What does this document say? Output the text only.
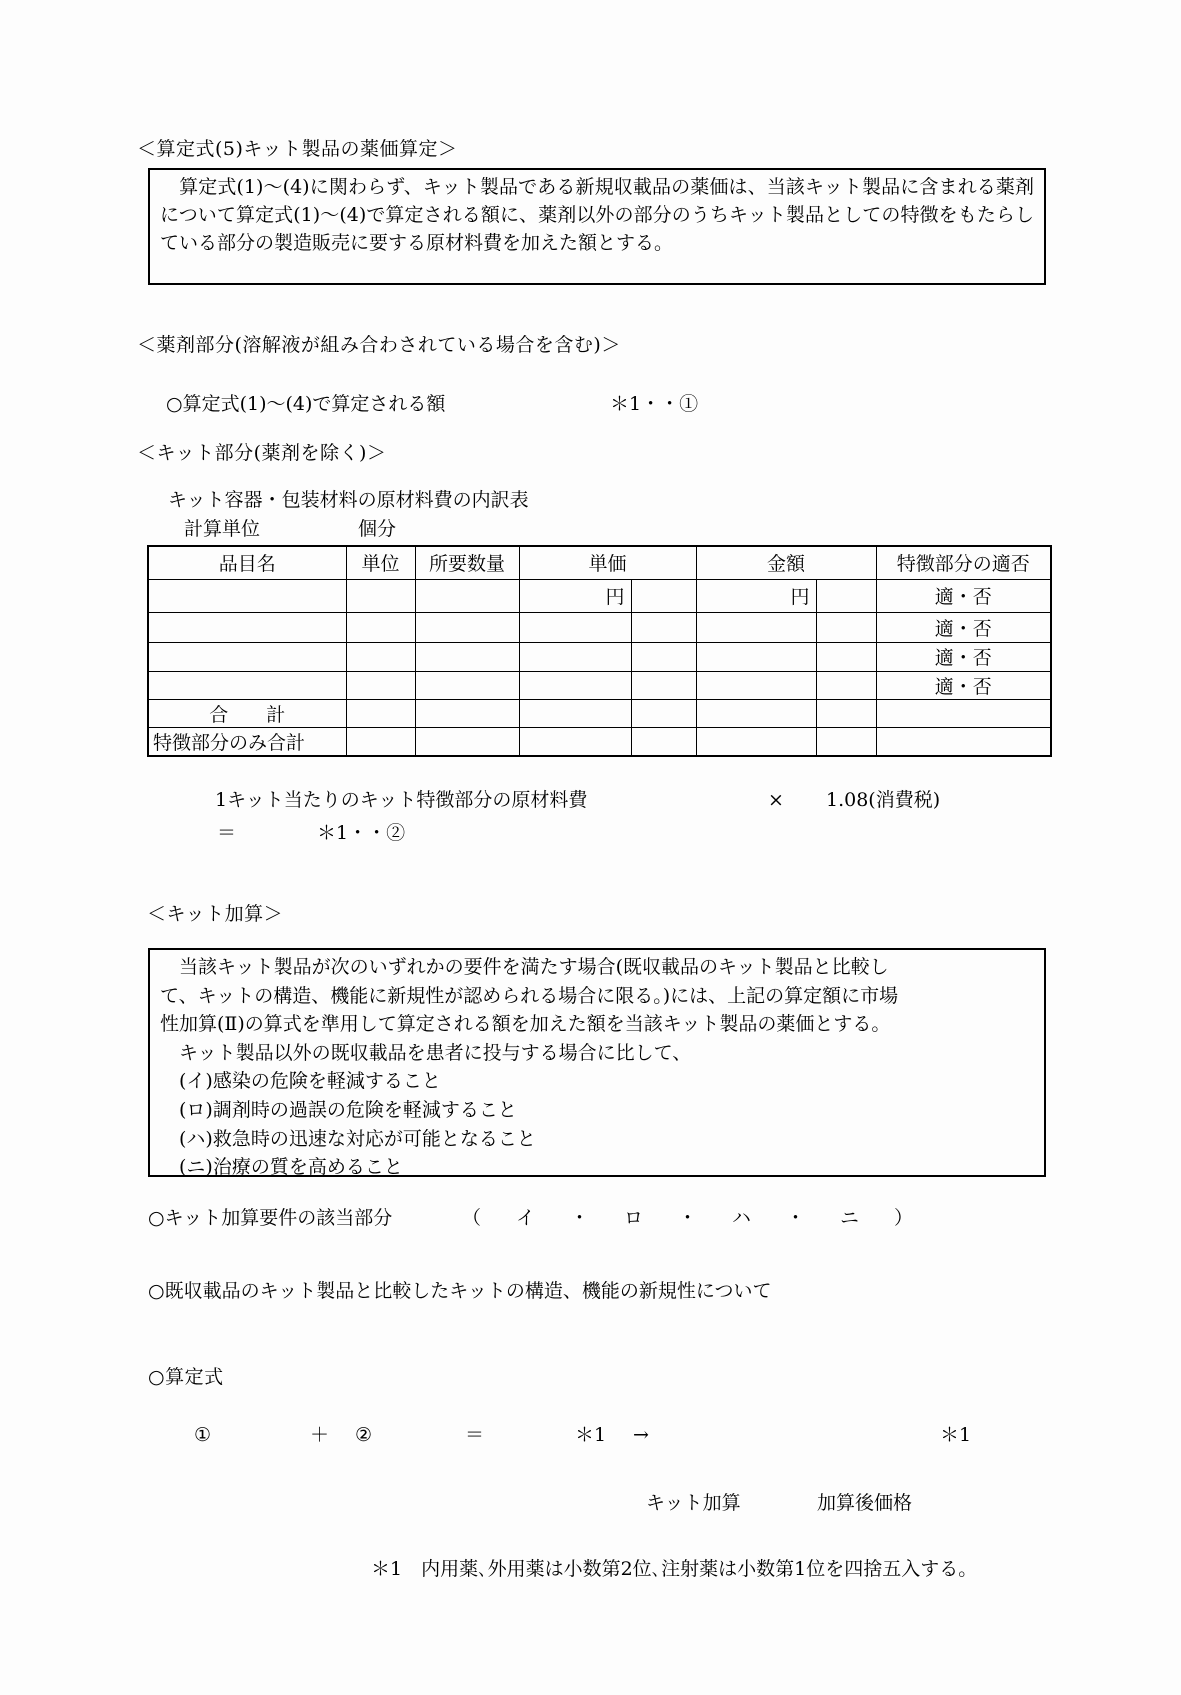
＜算定式(5)キット製品の薬価算定＞
　算定式(1)～(4)に関わらず、キット製品である新規収載品の薬価は、当該キット製品に含まれる薬剤について算定式(1)～(4)で算定される額に、薬剤以外の部分のうちキット製品としての特徴をもたらしている部分の製造販売に要する原材料費を加えた額とする。
＜薬剤部分(溶解液が組み合わされている場合を含む)＞
○算定式(1)～(4)で算定される額	＊1・・①
＜キット部分(薬剤を除く)＞
キット容器・包装材料の原材料費の内訳表
計算単位	個分
品目名	単位	所要数量	単価		金額		特徴部分の適否
			円		円		適・否
							適・否
							適・否
							適・否
合　　計							
特徴部分のみ合計							
1キット当たりのキット特徴部分の原材料費	× 1.08(消費税)
＝	＊1・・②
＜キット加算＞
　当該キット製品が次のいずれかの要件を満たす場合(既収載品のキット製品と比較し
て、キットの構造、機能に新規性が認められる場合に限る。)には、上記の算定額に市場
性加算(Ⅱ)の算式を準用して算定される額を加えた額を当該キット製品の薬価とする。
　キット製品以外の既収載品を患者に投与する場合に比して、
　(イ)感染の危険を軽減すること
　(ロ)調剤時の過誤の危険を軽減すること
　(ハ)救急時の迅速な対応が可能となること
　(ニ)治療の質を高めること
○キット加算要件の該当部分	（　イ　・　ロ　・　ハ　・　ニ　）
○既収載品のキット製品と比較したキットの構造、機能の新規性について
○算定式
①	＋ ②	＝	＊1 →	＊1
キット加算	加算後価格
＊1　内用薬､外用薬は小数第2位､注射薬は小数第1位を四捨五入する。
